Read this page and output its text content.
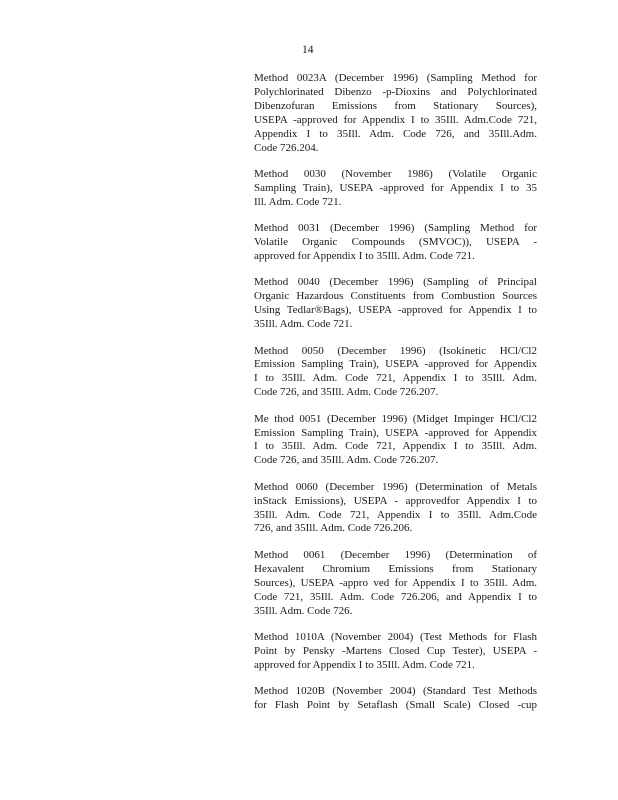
14

Method 0023A (December 1996) (Sampling Method for
Polychlorinated Dibenzo -p-Dioxins and Polychlorinated
Dibenzofuran Emissions from Stationary Sources),
USEPA -approved for Appendix I to 35Ill. Adm.Code 721,
Appendix I to 35Ill. Adm. Code 726, and 35Ill.Adm.
Code 726.204.

Method 0030 (November 1986) (Volatile Organic
Sampling Train), USEPA -approved for Appendix I to 35
Ill. Adm. Code 721.

Method 0031 (December 1996) (Sampling Method for
Volatile Organic Compounds (SMVOC)), USEPA -
approved for Appendix I to 35Ill. Adm. Code 721.

Method 0040 (December 1996) (Sampling of Principal
Organic Hazardous Constituents from Combustion Sources
Using Tedlar®Bags), USEPA -approved for Appendix I to
35Ill. Adm. Code 721.

Method 0050 (December 1996) (Isokinetic HCl/Cl2
Emission Sampling Train), USEPA -approved for Appendix
I to 35Ill. Adm. Code 721, Appendix I to 35Ill. Adm.
Code 726, and 35Ill. Adm. Code 726.207.

Me thod 0051 (December 1996) (Midget Impinger HCl/Cl2
Emission Sampling Train), USEPA -approved for Appendix
I to 35Ill. Adm. Code 721, Appendix I to 35Ill. Adm.
Code 726, and 35Ill. Adm. Code 726.207.

Method 0060 (December 1996) (Determination of Metals
inStack Emissions), USEPA - approvedfor Appendix I to
35Ill. Adm. Code 721, Appendix I to 35Ill. Adm.Code
726, and 35Ill. Adm. Code 726.206.

Method 0061 (December 1996) (Determination of
Hexavalent Chromium Emissions from Stationary
Sources), USEPA -appro ved for Appendix I to 35Ill. Adm.
Code 721, 35Ill. Adm. Code 726.206, and Appendix I to
35Ill. Adm. Code 726.

Method 1010A (November 2004) (Test Methods for Flash
Point by Pensky -Martens Closed Cup Tester), USEPA -
approved for Appendix I to 35Ill. Adm. Code 721.

Method 1020B (November 2004) (Standard Test Methods
for Flash Point by Setaflash (Small Scale) Closed -cup
